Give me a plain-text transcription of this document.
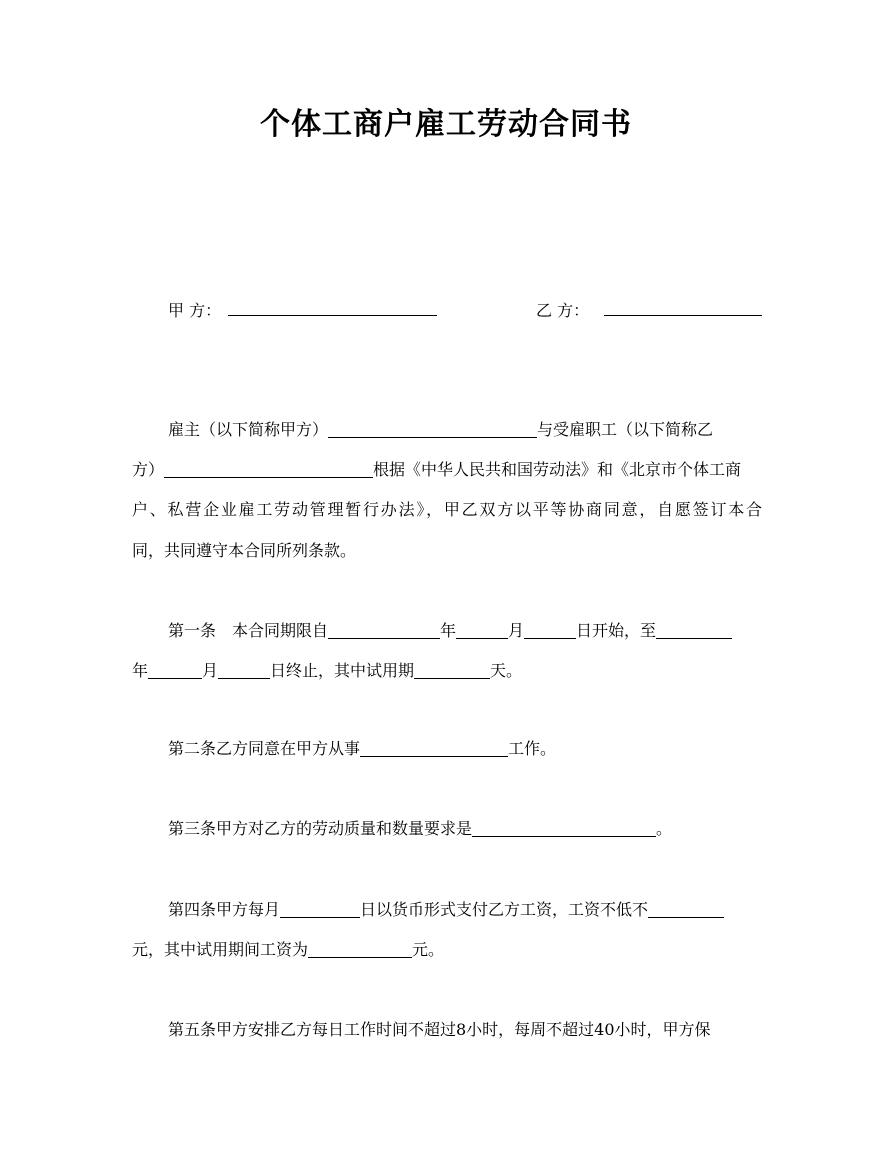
个体工商户雇工劳动合同书
甲 方：	乙 方：
雇主（以下简称甲方）	与受雇职工（以下简称乙
方）	根据《中华人民共和国劳动法》和《北京市个体工商
户、私营企业雇工劳动管理暂行办法》，甲乙双方以平等协商同意，自愿签订本合
同，共同遵守本合同所列条款。
第一条　本合同期限自	年	月	日开始，至
年	月	日终止，其中试用期	天。
第二条乙方同意在甲方从事	工作。
第三条甲方对乙方的劳动质量和数量要求是	。
第四条甲方每月	日以货币形式支付乙方工资，工资不低不
元，其中试用期间工资为	元。
第五条甲方安排乙方每日工作时间不超过8小时，每周不超过40小时，甲方保
